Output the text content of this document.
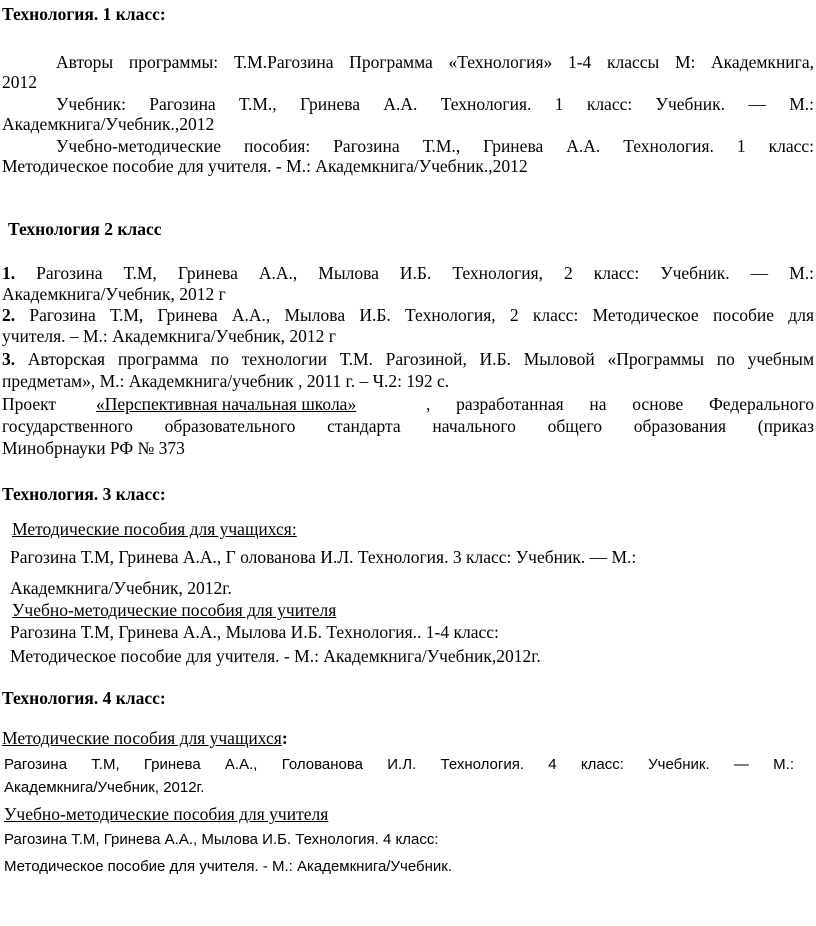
Технология. 1 класс:
Авторы программы: Т.М.Рагозина Программа «Технология» 1-4 классы М: Академкнига,
2012
Учебник: Рагозина Т.М., Гринева А.А. Технология. 1 класс: Учебник. — М.:
Академкнига/Учебник.,2012
Учебно-методические пособия: Рагозина Т.М., Гринева А.А. Технология. 1 класс:
Методическое пособие для учителя. - М.: Академкнига/Учебник.,2012
Технология 2 класс
1. Рагозина Т.М, Гринева А.А., Мылова И.Б. Технология, 2 класс: Учебник. — М.:
Академкнига/Учебник, 2012 г
2. Рагозина Т.М, Гринева А.А., Мылова И.Б. Технология, 2 класс: Методическое пособие для
учителя. – М.: Академкнига/Учебник, 2012 г
3. Авторская программа по технологии Т.М. Рагозиной, И.Б. Мыловой «Программы по учебным
предметам», М.: Академкнига/учебник , 2011 г. – Ч.2: 192 с.
Проект «Перспективная начальная школа»	, разработанная на основе Федерального
государственного образовательного стандарта начального общего образования (приказ
Минобрнауки РФ № 373
Технология. 3 класс:
Методические пособия для учащихся:
Рагозина Т.М, Гринева А.А., Г олованова И.Л. Технология. 3 класс: Учебник. — М.:
Академкнига/Учебник, 2012г.
Учебно-методические пособия для учителя
Рагозина Т.М, Гринева А.А., Мылова И.Б. Технология.. 1-4 класс:
Методическое пособие для учителя. - М.: Академкнига/Учебник,2012г.
Технология. 4 класс:
Методические пособия для учащихся:
Рагозина Т.М, Гринева А.А., Голованова И.Л. Технология. 4 класс: Учебник. — М.:
Академкнига/Учебник, 2012г.
Учебно-методические пособия для учителя
Рагозина Т.М, Гринева А.А., Мылова И.Б. Технология. 4 класс:
Методическое пособие для учителя. - М.: Академкнига/Учебник.
